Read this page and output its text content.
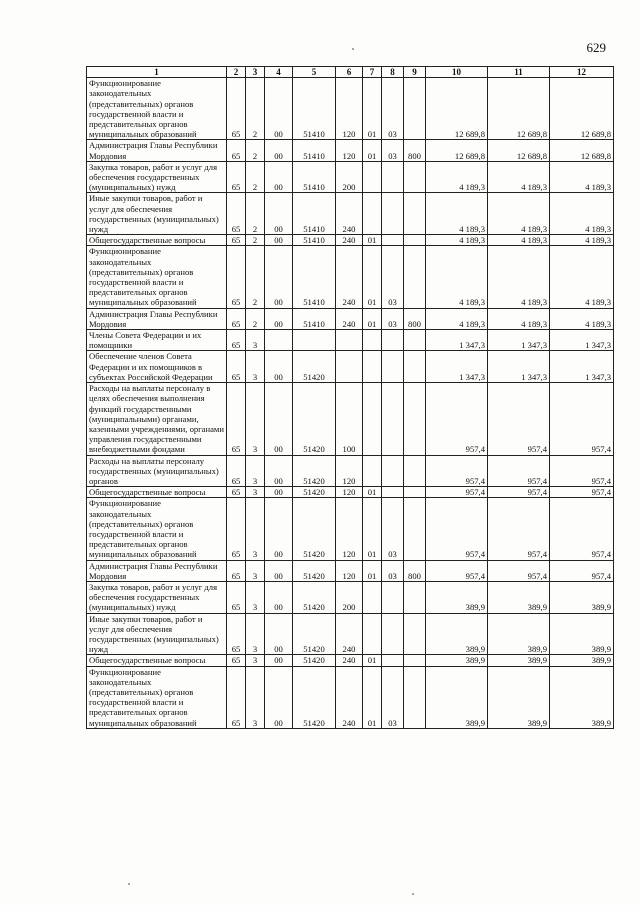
629
1	2	3	4	5	6	7	8	9	10	11	12
Функционирование законодательных (представительных) органов государственной власти и представительных органов муниципальных образований	65	2	00	51410	120	01	03		12 689,8	12 689,8	12 689,8
Администрация Главы Республики Мордовия	65	2	00	51410	120	01	03	800	12 689,8	12 689,8	12 689,8
Закупка товаров, работ и услуг для обеспечения государственных (муниципальных) нужд	65	2	00	51410	200				4 189,3	4 189,3	4 189,3
Иные закупки товаров, работ и услуг для обеспечения государственных (муниципальных) нужд	65	2	00	51410	240				4 189,3	4 189,3	4 189,3
Общегосударственные вопросы	65	2	00	51410	240	01			4 189,3	4 189,3	4 189,3
Функционирование законодательных (представительных) органов государственной власти и представительных органов муниципальных образований	65	2	00	51410	240	01	03		4 189,3	4 189,3	4 189,3
Администрация Главы Республики Мордовия	65	2	00	51410	240	01	03	800	4 189,3	4 189,3	4 189,3
Члены Совета Федерации и их помощники	65	3							1 347,3	1 347,3	1 347,3
Обеспечение членов Совета Федерации и их помощников в субъектах Российской Федерации	65	3	00	51420					1 347,3	1 347,3	1 347,3
Расходы на выплаты персоналу в целях обеспечения выполнения функций государственными (муниципальными) органами, казенными учреждениями, органами управления государственными внебюджетными фондами	65	3	00	51420	100				957,4	957,4	957,4
Расходы на выплаты персоналу государственных (муниципальных) органов	65	3	00	51420	120				957,4	957,4	957,4
Общегосударственные вопросы	65	3	00	51420	120	01			957,4	957,4	957,4
Функционирование законодательных (представительных) органов государственной власти и представительных органов муниципальных образований	65	3	00	51420	120	01	03		957,4	957,4	957,4
Администрация Главы Республики Мордовия	65	3	00	51420	120	01	03	800	957,4	957,4	957,4
Закупка товаров, работ и услуг для обеспечения государственных (муниципальных) нужд	65	3	00	51420	200				389,9	389,9	389,9
Иные закупки товаров, работ и услуг для обеспечения государственных (муниципальных) нужд	65	3	00	51420	240				389,9	389,9	389,9
Общегосударственные вопросы	65	3	00	51420	240	01			389,9	389,9	389,9
Функционирование законодательных (представительных) органов государственной власти и представительных органов муниципальных образований	65	3	00	51420	240	01	03		389,9	389,9	389,9
